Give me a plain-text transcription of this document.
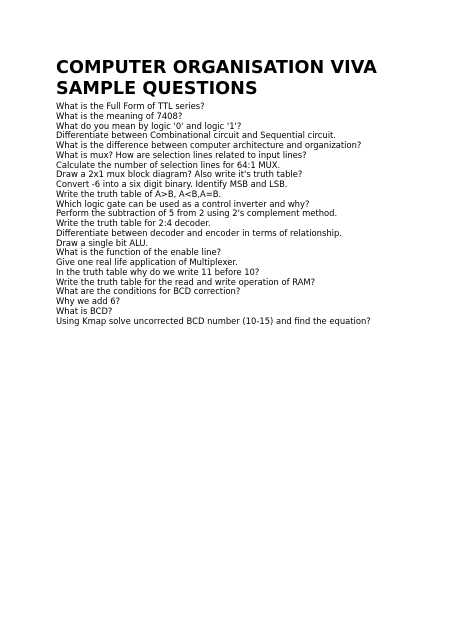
COMPUTER ORGANISATION VIVA
SAMPLE QUESTIONS
What is the Full Form of TTL series?
What is the meaning of 7408?
What do you mean by logic '0' and logic '1'?
Differentiate between Combinational circuit and Sequential circuit.
What is the difference between computer architecture and organization?
What is mux? How are selection lines related to input lines?
Calculate the number of selection lines for 64:1 MUX.
Draw a 2x1 mux block diagram? Also write it's truth table?
Convert -6 into a six digit binary. Identify MSB and LSB.
Write the truth table of A>B, A<B,A=B.
Which logic gate can be used as a control inverter and why?
Perform the subtraction of 5 from 2 using 2's complement method.
Write the truth table for 2:4 decoder.
Differentiate between decoder and encoder in terms of relationship.
Draw a single bit ALU.
What is the function of the enable line?
Give one real life application of Multiplexer.
In the truth table why do we write 11 before 10?
Write the truth table for the read and write operation of RAM?
What are the conditions for BCD correction?
Why we add 6?
What is BCD?
Using Kmap solve uncorrected BCD number (10-15) and find the equation?
